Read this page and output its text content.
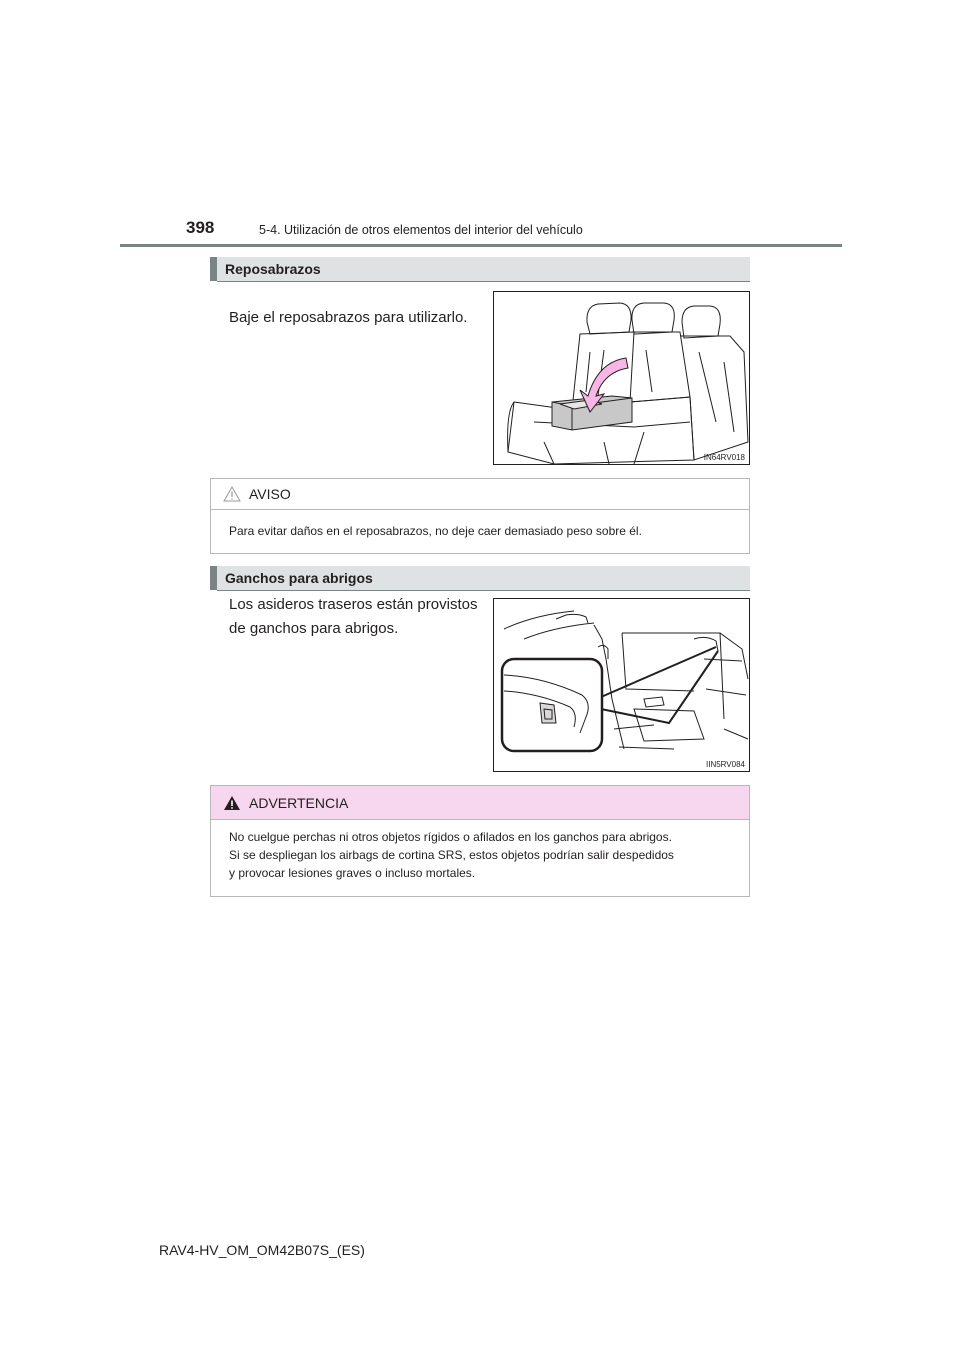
398	5-4. Utilización de otros elementos del interior del vehículo
Reposabrazos
Baje el reposabrazos para utilizarlo.
IN64RV018
AVISO
Para evitar daños en el reposabrazos, no deje caer demasiado peso sobre él.
Ganchos para abrigos
Los asideros traseros están provistos
de ganchos para abrigos.
IIN5RV084
ADVERTENCIA
No cuelgue perchas ni otros objetos rígidos o afilados en los ganchos para abrigos.
Si se despliegan los airbags de cortina SRS, estos objetos podrían salir despedidos
y provocar lesiones graves o incluso mortales.
RAV4-HV_OM_OM42B07S_(ES)
